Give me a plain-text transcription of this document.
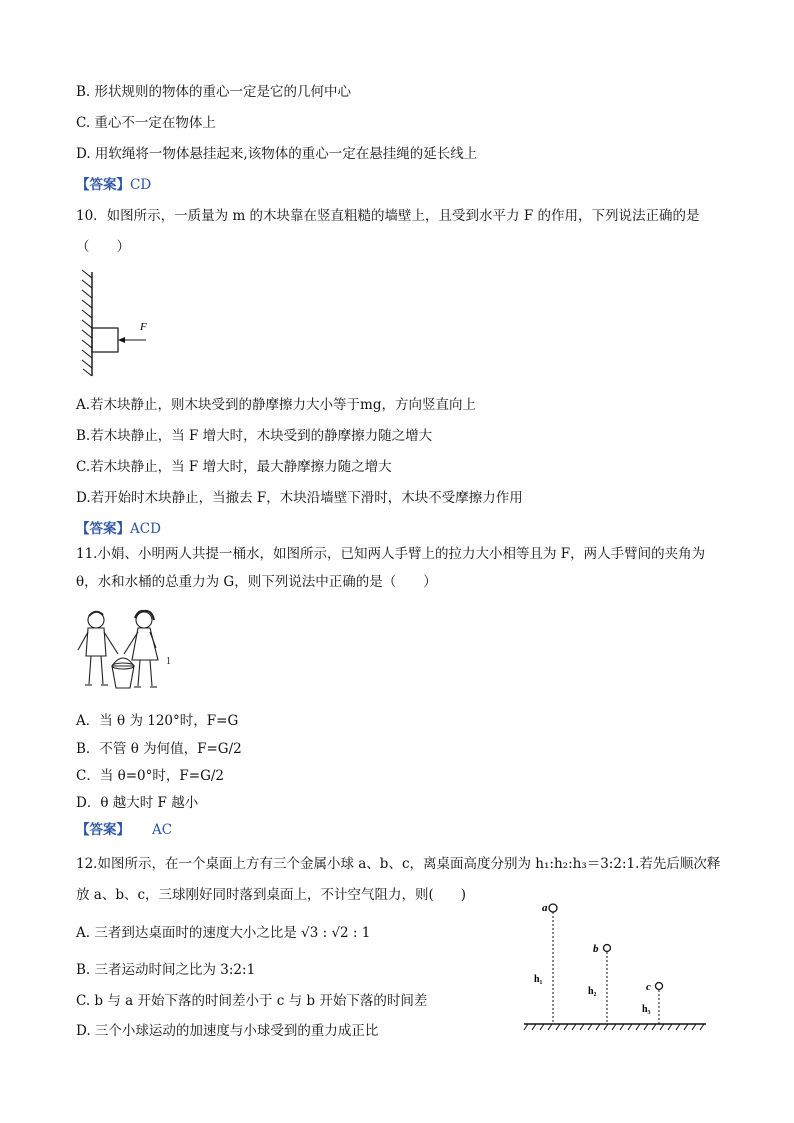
B. 形状规则的物体的重心一定是它的几何中心
C. 重心不一定在物体上
D. 用软绳将一物体悬挂起来,该物体的重心一定在悬挂绳的延长线上
【答案】CD
10．如图所示，一质量为 m 的木块靠在竖直粗糙的墙壁上，且受到水平力 F 的作用，下列说法正确的是
（　　）
F
A.若木块静止，则木块受到的静摩擦力大小等于mg，方向竖直向上
B.若木块静止，当 F 增大时，木块受到的静摩擦力随之增大
C.若木块静止，当 F 增大时，最大静摩擦力随之增大
D.若开始时木块静止，当撤去 F，木块沿墙壁下滑时，木块不受摩擦力作用
【答案】ACD
11.小娟、小明两人共提一桶水，如图所示，已知两人手臂上的拉力大小相等且为 F，两人手臂间的夹角为
θ，水和水桶的总重力为 G，则下列说法中正确的是（　　）
1
A．当 θ 为 120°时，F=G
B．不管 θ 为何值，F=G/2
C．当 θ=0°时，F=G/2
D．θ 越大时 F 越小
【答案】 AC
12.如图所示，在一个桌面上方有三个金属小球 a、b、c，离桌面高度分别为 h₁:h₂:h₃＝3:2:1.若先后顺次释
放 a、b、c，三球刚好同时落到桌面上，不计空气阻力，则(　　)
A. 三者到达桌面时的速度大小之比是 √3 : √2 : 1
B. 三者运动时间之比为 3:2:1
C. b 与 a 开始下落的时间差小于 c 与 b 开始下落的时间差
D. 三个小球运动的加速度与小球受到的重力成正比
a
h₁
b
h₂	c
h₃
